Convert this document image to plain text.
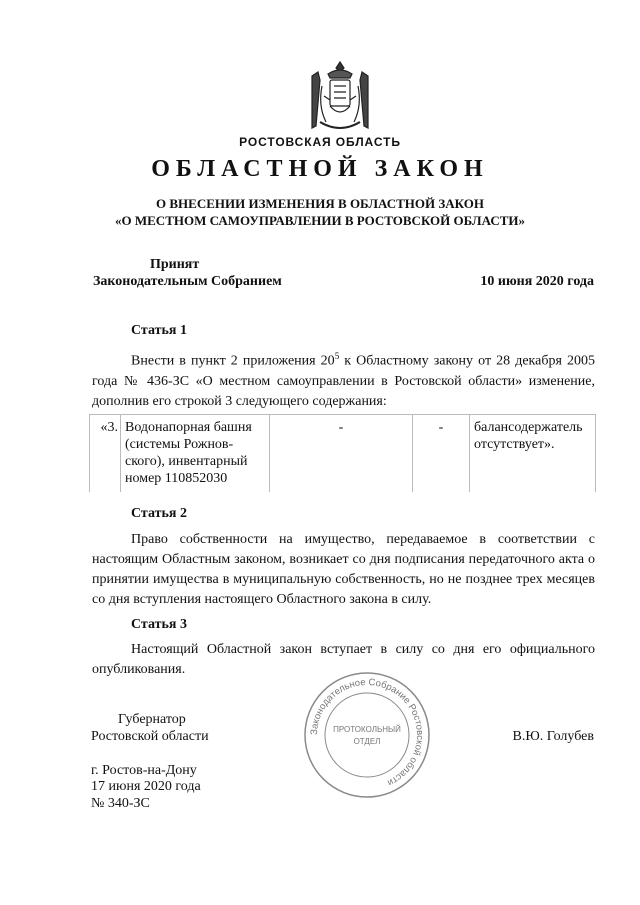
РОСТОВСКАЯ ОБЛАСТЬ
ОБЛАСТНОЙ ЗАКОН
О ВНЕСЕНИИ ИЗМЕНЕНИЯ В ОБЛАСТНОЙ ЗАКОН
«О МЕСТНОМ САМОУПРАВЛЕНИИ В РОСТОВСКОЙ ОБЛАСТИ»
Принят
Законодательным Собранием	10 июня 2020 года
Статья 1
Внести в пункт 2 приложения $20^5$ к Областному закону от 28 декабря 2005 года № 436-ЗС «О местном самоуправлении в Ростовской области» изменение, дополнив его строкой 3 следующего содержания:
«3.	Водонапорная башня (системы Рожнов-ского), инвентарный номер 110852030	-	-	балансодержатель отсутствует».
Статья 2
Право собственности на имущество, передаваемое в соответствии с настоящим Областным законом, возникает со дня подписания передаточного акта о принятии имущества в муниципальную собственность, но не позднее трех месяцев со дня вступления настоящего Областного закона в силу.
Статья 3
Настоящий Областной закон вступает в силу со дня его официального опубликования.
Губернатор
Ростовской области	В.Ю. Голубев
г. Ростов-на-Дону
17 июня 2020 года
№ 340-ЗС
Законодательное Собрание Ростовской области
ПРОТОКОЛЬНЫЙ
ОТДЕЛ
